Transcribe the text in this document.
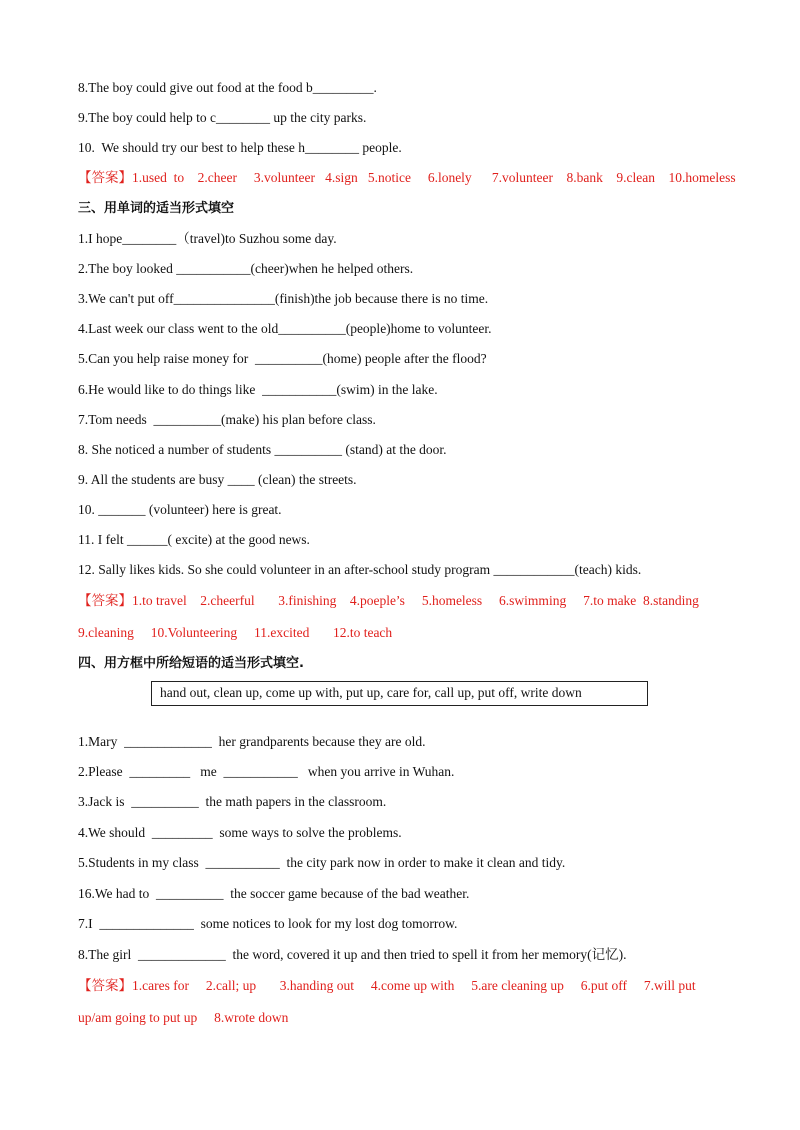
8.The boy could give out food at the food b_________.
9.The boy could help to c________ up the city parks.
10.  We should try our best to help these h________ people.
【答案】1.used  to    2.cheer     3.volunteer   4.sign   5.notice     6.lonely      7.volunteer    8.bank    9.clean    10.homeless
三、用单词的适当形式填空
1.I hope________（travel)to Suzhou some day.
2.The boy looked ___________(cheer)when he helped others.
3.We can't put off_______________(finish)the job because there is no time.
4.Last week our class went to the old__________(people)home to volunteer.
5.Can you help raise money for  __________(home) people after the flood?
6.He would like to do things like  ___________(swim) in the lake.
7.Tom needs  __________(make) his plan before class.
8. She noticed a number of students __________ (stand) at the door.
9. All the students are busy ____ (clean) the streets.
10. _______ (volunteer) here is great.
11. I felt ______( excite) at the good news.
12. Sally likes kids. So she could volunteer in an after-school study program ____________(teach) kids.
【答案】1.to travel    2.cheerful       3.finishing    4.poeple’s     5.homeless     6.swimming     7.to make  8.standing
9.cleaning     10.Volunteering     11.excited       12.to teach
四、用方框中所给短语的适当形式填空.
hand out, clean up, come up with, put up, care for, call up, put off, write down
1.Mary  _____________  her grandparents because they are old.
2.Please  _________   me  ___________   when you arrive in Wuhan.
3.Jack is  __________  the math papers in the classroom.
4.We should  _________  some ways to solve the problems.
5.Students in my class  ___________  the city park now in order to make it clean and tidy.
16.We had to  __________  the soccer game because of the bad weather.
7.I  ______________  some notices to look for my lost dog tomorrow.
8.The girl  _____________  the word, covered it up and then tried to spell it from her memory(记忆).
【答案】1.cares for     2.call; up       3.handing out     4.come up with     5.are cleaning up     6.put off     7.will put
up/am going to put up     8.wrote down
